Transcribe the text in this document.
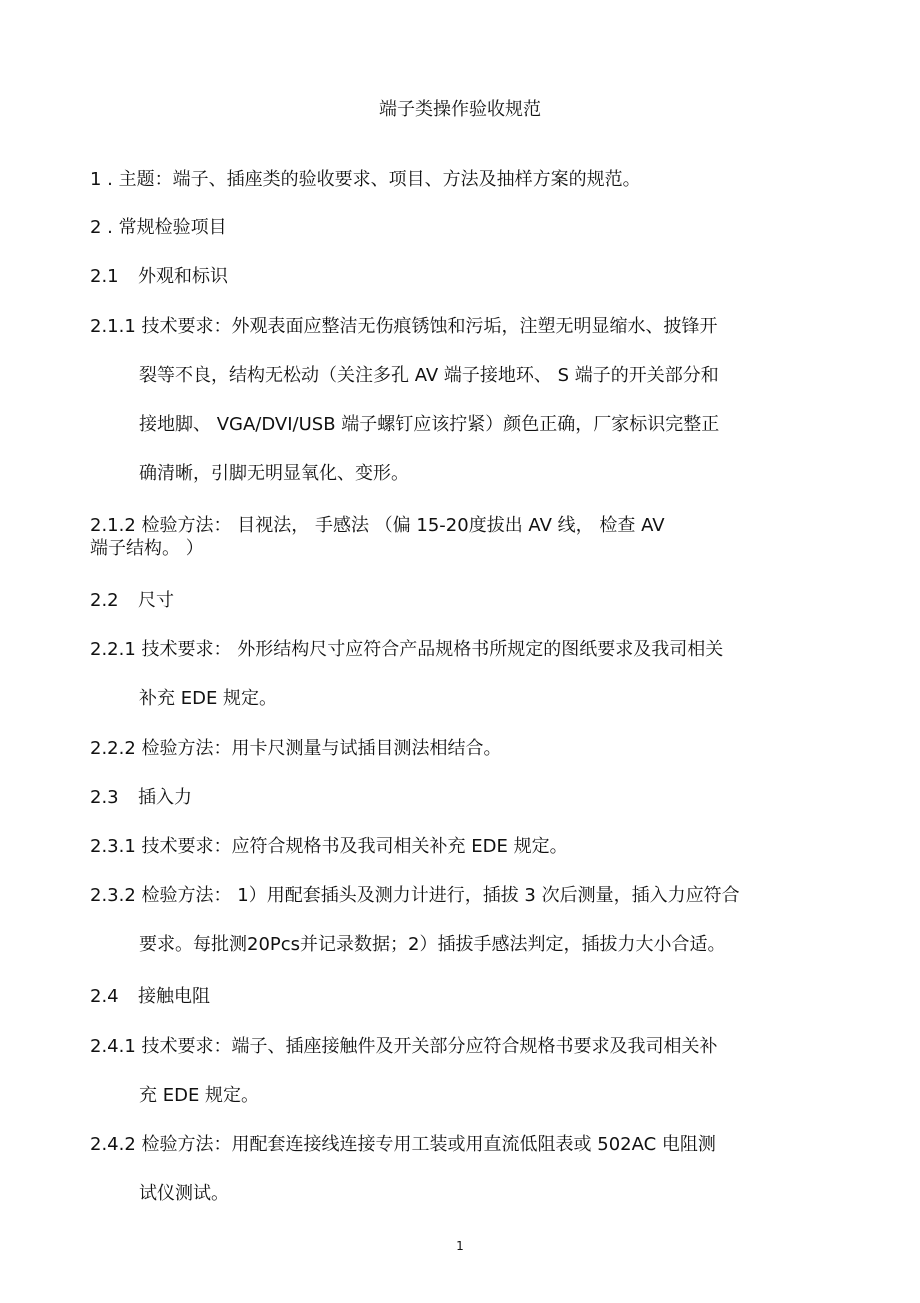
端子类操作验收规范
1 . 主题：端子、插座类的验收要求、项目、方法及抽样方案的规范。
2 . 常规检验项目
2.1 外观和标识
2.1.1 技术要求：外观表面应整洁无伤痕锈蚀和污垢，注塑无明显缩水、披锋开
裂等不良，结构无松动（关注多孔 AV 端子接地环、 S 端子的开关部分和
接地脚、 VGA/DVI/USB 端子螺钉应该拧紧）颜色正确，厂家标识完整正
确清晰，引脚无明显氧化、变形。
2.1.2 检验方法： 目视法， 手感法 （偏 15-20度拔出 AV 线， 检查 AV
端子结构。 ）
2.2 尺寸
2.2.1 技术要求： 外形结构尺寸应符合产品规格书所规定的图纸要求及我司相关
补充 EDE 规定。
2.2.2 检验方法：用卡尺测量与试插目测法相结合。
2.3 插入力
2.3.1 技术要求：应符合规格书及我司相关补充 EDE 规定。
2.3.2 检验方法： 1）用配套插头及测力计进行，插拔 3 次后测量，插入力应符合
要求。每批测20Pcs并记录数据；2）插拔手感法判定，插拔力大小合适。
2.4 接触电阻
2.4.1 技术要求：端子、插座接触件及开关部分应符合规格书要求及我司相关补
充 EDE 规定。
2.4.2 检验方法：用配套连接线连接专用工装或用直流低阻表或 502AC 电阻测
试仪测试。
1
